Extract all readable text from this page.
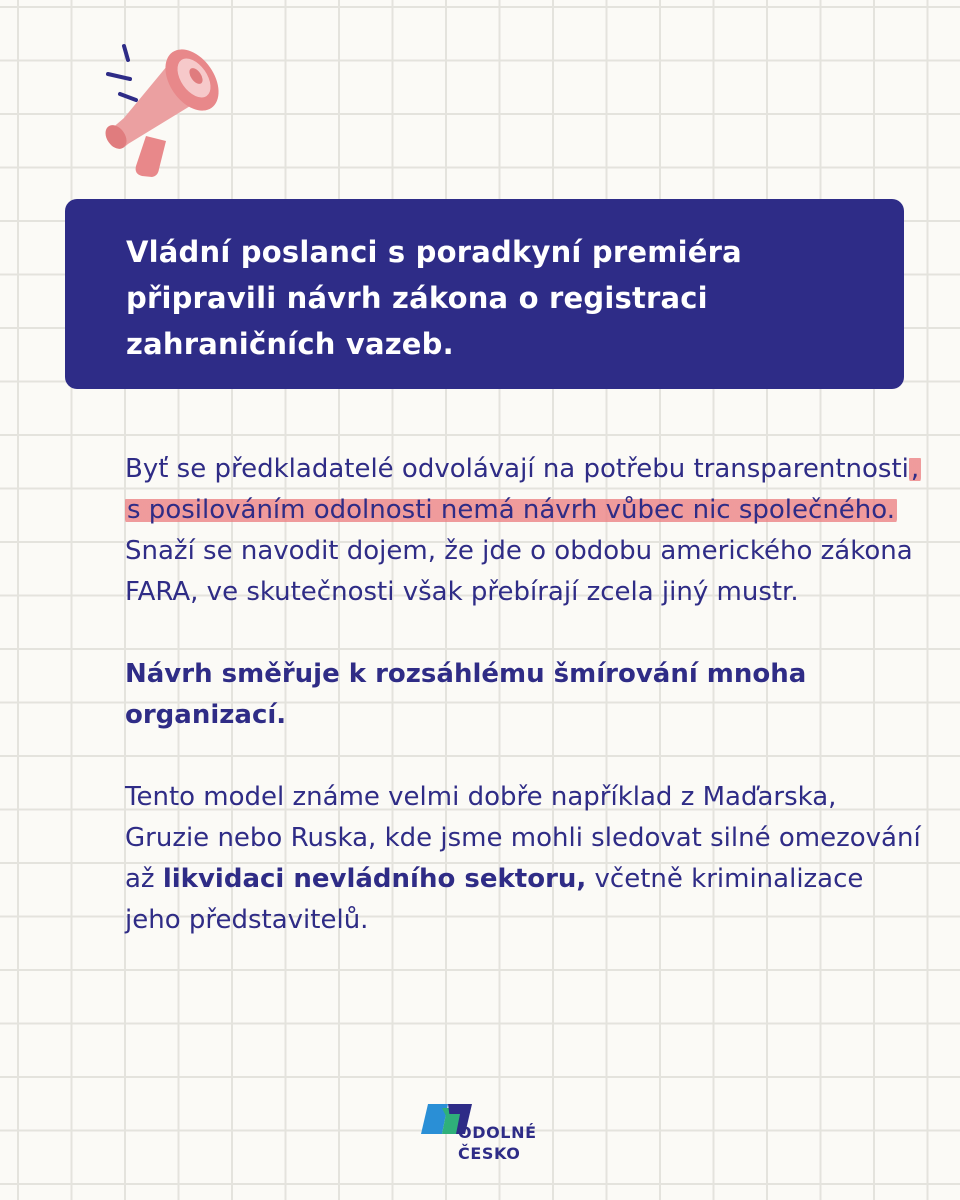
Vládní poslanci s poradkyní premiéra připravili návrh zákona o registraci zahraničních vazeb.

Byť se předkladatelé odvolávají na potřebu transparentnosti, s posilováním odolnosti nemá návrh vůbec nic společného. Snaží se navodit dojem, že jde o obdobu amerického zákona FARA, ve skutečnosti však přebírají zcela jiný mustr.

Návrh směřuje k rozsáhlému šmírování mnoha organizací.

Tento model známe velmi dobře například z Maďarska, Gruzie nebo Ruska, kde jsme mohli sledovat silné omezování až likvidaci nevládního sektoru, včetně kriminalizace jeho představitelů.

ODOLNÉ
ČESKO
